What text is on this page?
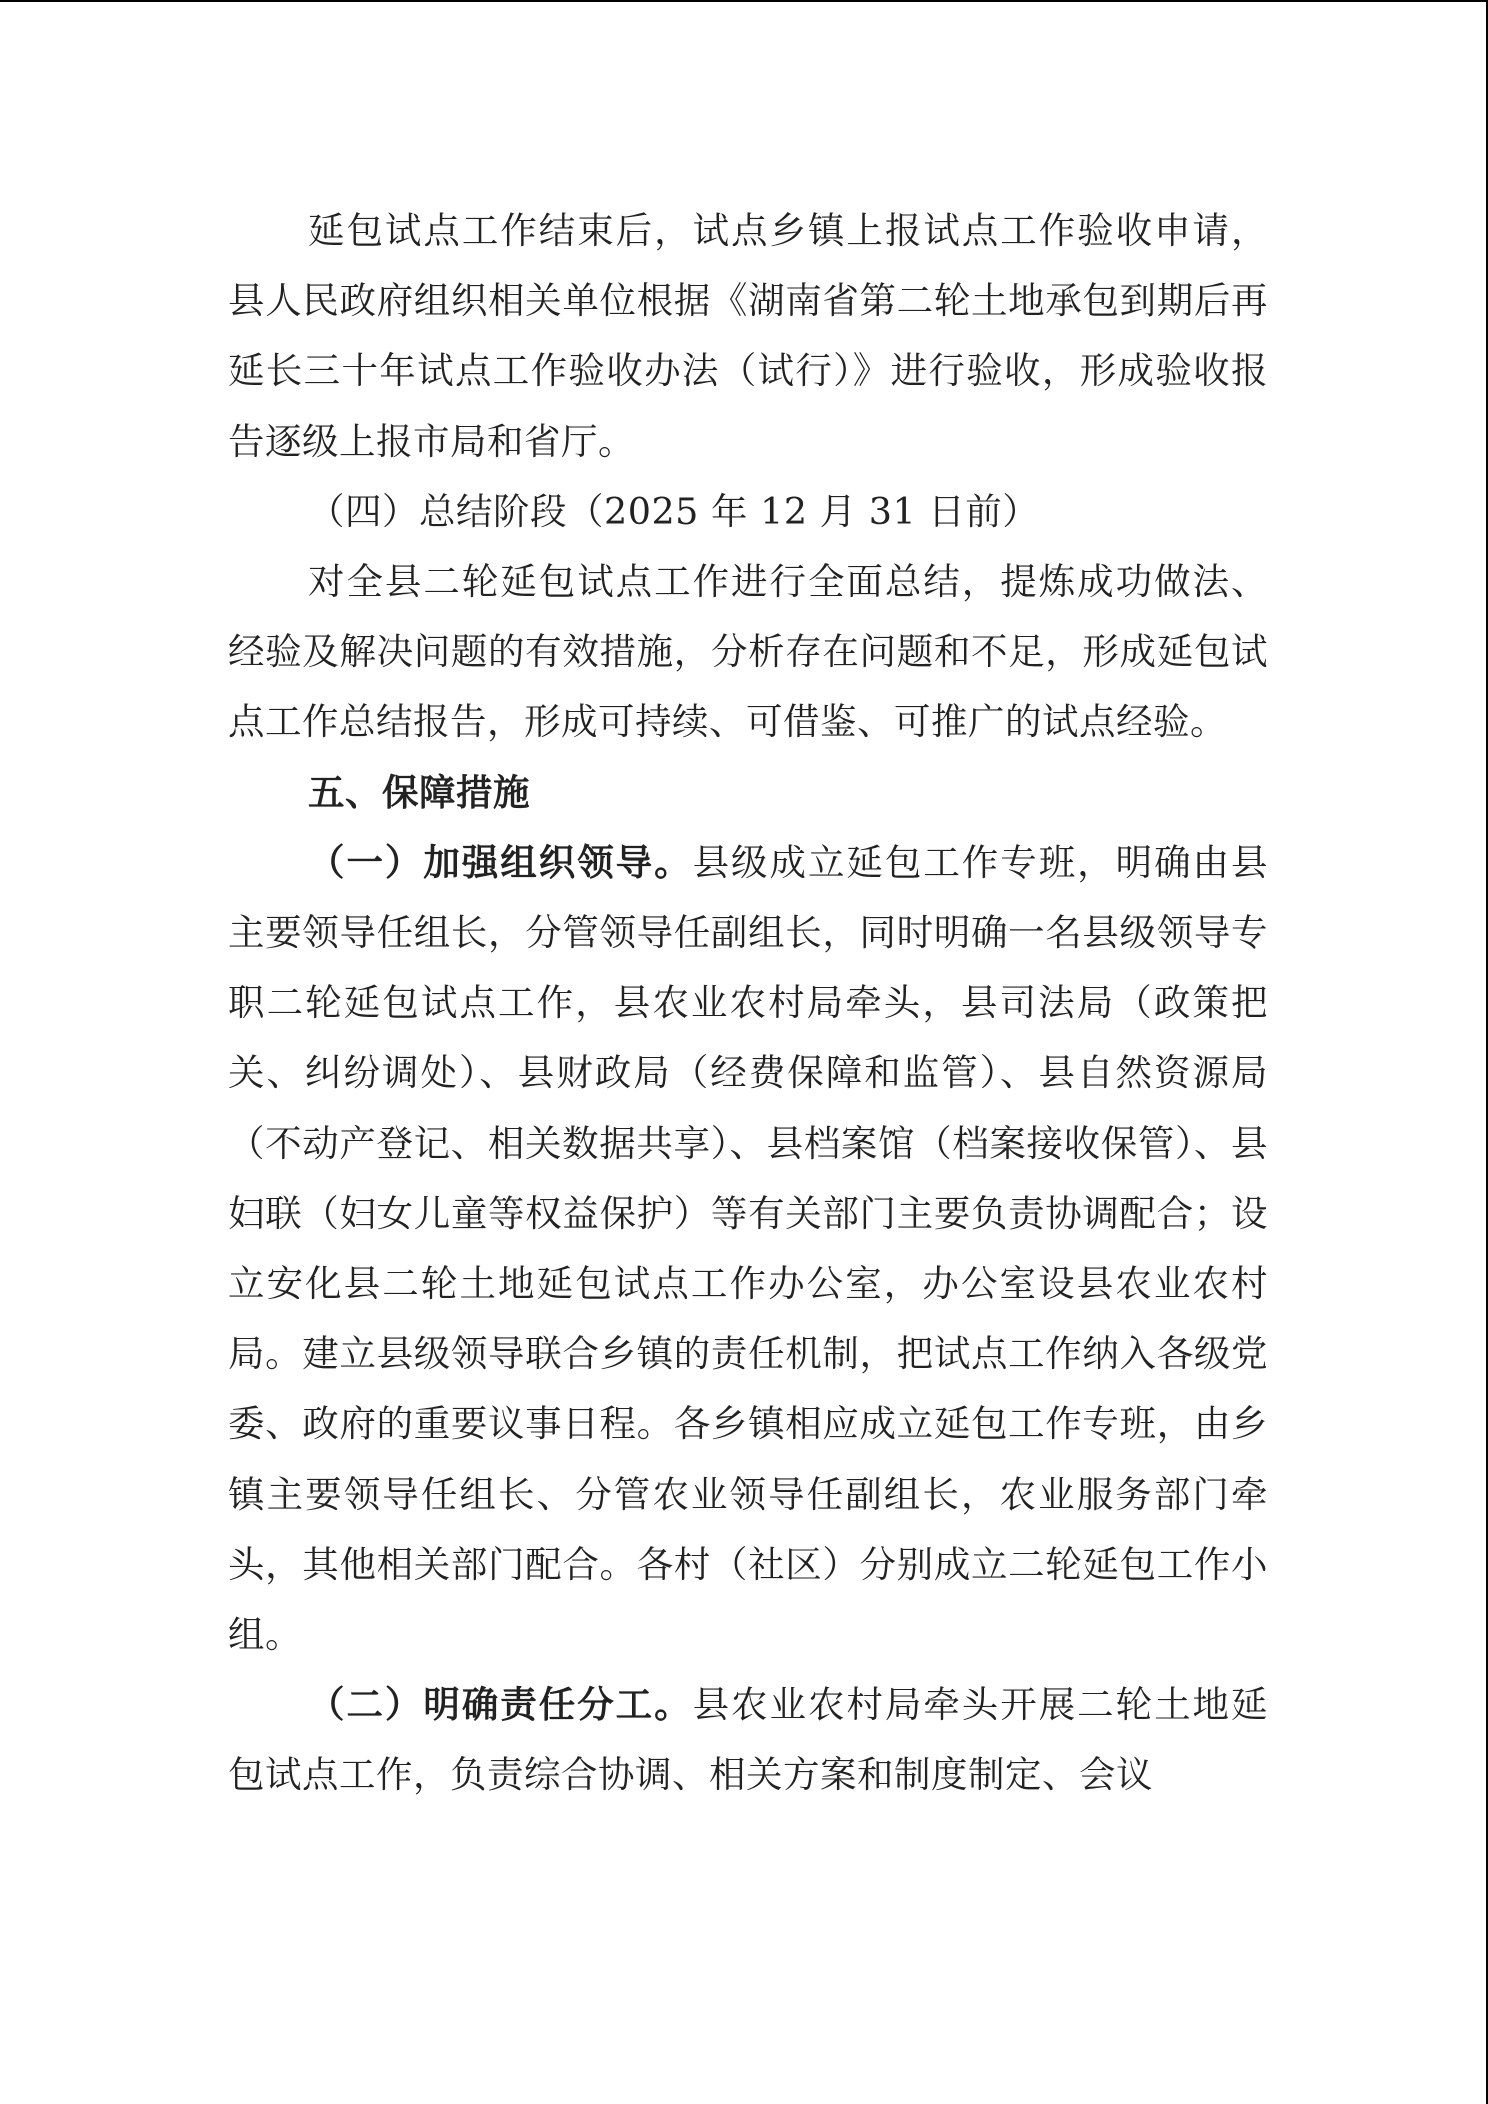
延包试点工作结束后，试点乡镇上报试点工作验收申请，县人民政府组织相关单位根据《湖南省第二轮土地承包到期后再延长三十年试点工作验收办法（试行）》进行验收，形成验收报告逐级上报市局和省厅。

（四）总结阶段（2025 年 12 月 31 日前）

对全县二轮延包试点工作进行全面总结，提炼成功做法、经验及解决问题的有效措施，分析存在问题和不足，形成延包试点工作总结报告，形成可持续、可借鉴、可推广的试点经验。

五、保障措施

（一）加强组织领导。县级成立延包工作专班，明确由县主要领导任组长，分管领导任副组长，同时明确一名县级领导专职二轮延包试点工作，县农业农村局牵头，县司法局（政策把关、纠纷调处）、县财政局（经费保障和监管）、县自然资源局（不动产登记、相关数据共享）、县档案馆（档案接收保管）、县妇联（妇女儿童等权益保护）等有关部门主要负责协调配合；设立安化县二轮土地延包试点工作办公室，办公室设县农业农村局。建立县级领导联合乡镇的责任机制，把试点工作纳入各级党委、政府的重要议事日程。各乡镇相应成立延包工作专班，由乡镇主要领导任组长、分管农业领导任副组长，农业服务部门牵头，其他相关部门配合。各村（社区）分别成立二轮延包工作小组。

（二）明确责任分工。县农业农村局牵头开展二轮土地延包试点工作，负责综合协调、相关方案和制度制定、会议
